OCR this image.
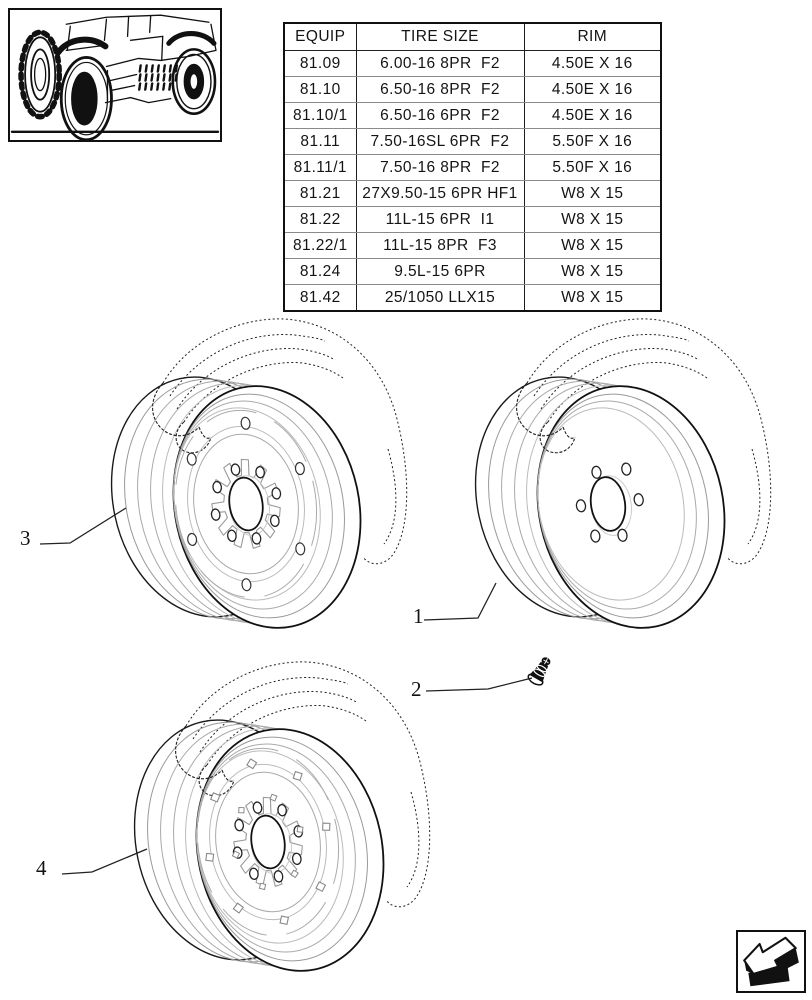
EQUIP	TIRE SIZE	RIM
81.09	6.00-16 8PR  F2	4.50E X 16
81.10	6.50-16 8PR  F2	4.50E X 16
81.10/1	6.50-16 6PR  F2	4.50E X 16
81.11	7.50-16SL 6PR  F2	5.50F X 16
81.11/1	7.50-16 8PR  F2	5.50F X 16
81.21	27X9.50-15 6PR HF1	W8 X 15
81.22	11L-15 6PR  I1	W8 X 15
81.22/1	11L-15 8PR  F3	W8 X 15
81.24	9.5L-15 6PR	W8 X 15
81.42	25/1050 LLX15	W8 X 15
3
1
2
4
